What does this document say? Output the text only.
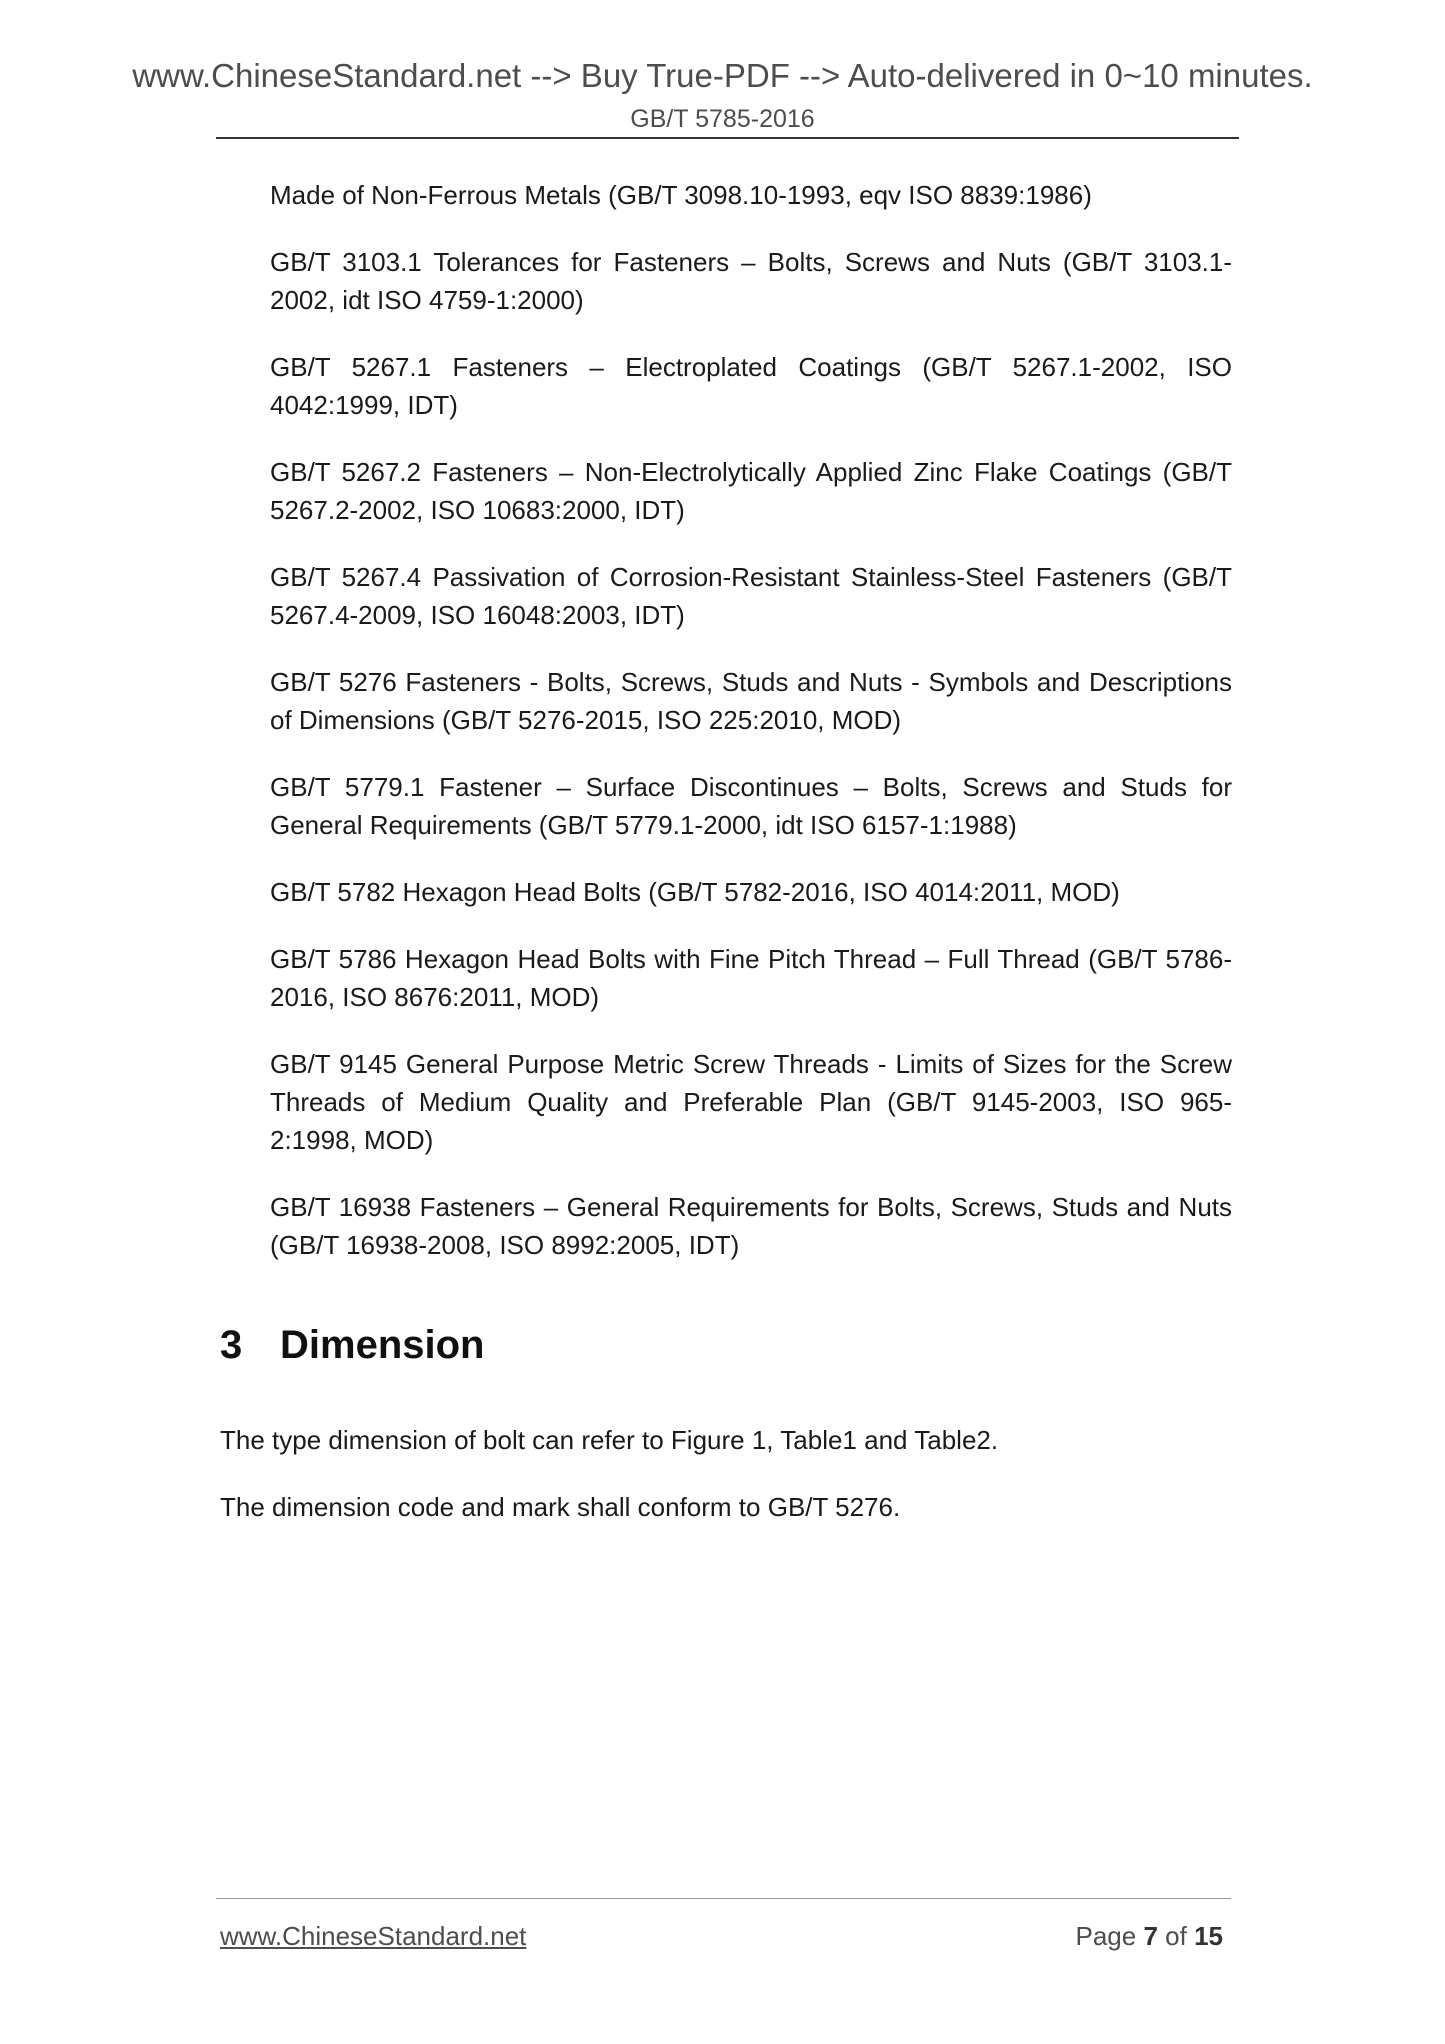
www.ChineseStandard.net --> Buy True-PDF --> Auto-delivered in 0~10 minutes.
GB/T 5785-2016

Made of Non-Ferrous Metals (GB/T 3098.10-1993, eqv ISO 8839:1986)

GB/T 3103.1 Tolerances for Fasteners – Bolts, Screws and Nuts (GB/T 3103.1-2002, idt ISO 4759-1:2000)

GB/T 5267.1 Fasteners – Electroplated Coatings (GB/T 5267.1-2002, ISO 4042:1999, IDT)

GB/T 5267.2 Fasteners – Non-Electrolytically Applied Zinc Flake Coatings (GB/T 5267.2-2002, ISO 10683:2000, IDT)

GB/T 5267.4 Passivation of Corrosion-Resistant Stainless-Steel Fasteners (GB/T 5267.4-2009, ISO 16048:2003, IDT)

GB/T 5276 Fasteners - Bolts, Screws, Studs and Nuts - Symbols and Descriptions of Dimensions (GB/T 5276-2015, ISO 225:2010, MOD)

GB/T 5779.1 Fastener – Surface Discontinues – Bolts, Screws and Studs for General Requirements (GB/T 5779.1-2000, idt ISO 6157-1:1988)

GB/T 5782 Hexagon Head Bolts (GB/T 5782-2016, ISO 4014:2011, MOD)

GB/T 5786 Hexagon Head Bolts with Fine Pitch Thread – Full Thread (GB/T 5786-2016, ISO 8676:2011, MOD)

GB/T 9145 General Purpose Metric Screw Threads - Limits of Sizes for the Screw Threads of Medium Quality and Preferable Plan (GB/T 9145-2003, ISO 965-2:1998, MOD)

GB/T 16938 Fasteners – General Requirements for Bolts, Screws, Studs and Nuts (GB/T 16938-2008, ISO 8992:2005, IDT)

3 Dimension
The type dimension of bolt can refer to Figure 1, Table1 and Table2.
The dimension code and mark shall conform to GB/T 5276.
www.ChineseStandard.net	Page 7 of 15
